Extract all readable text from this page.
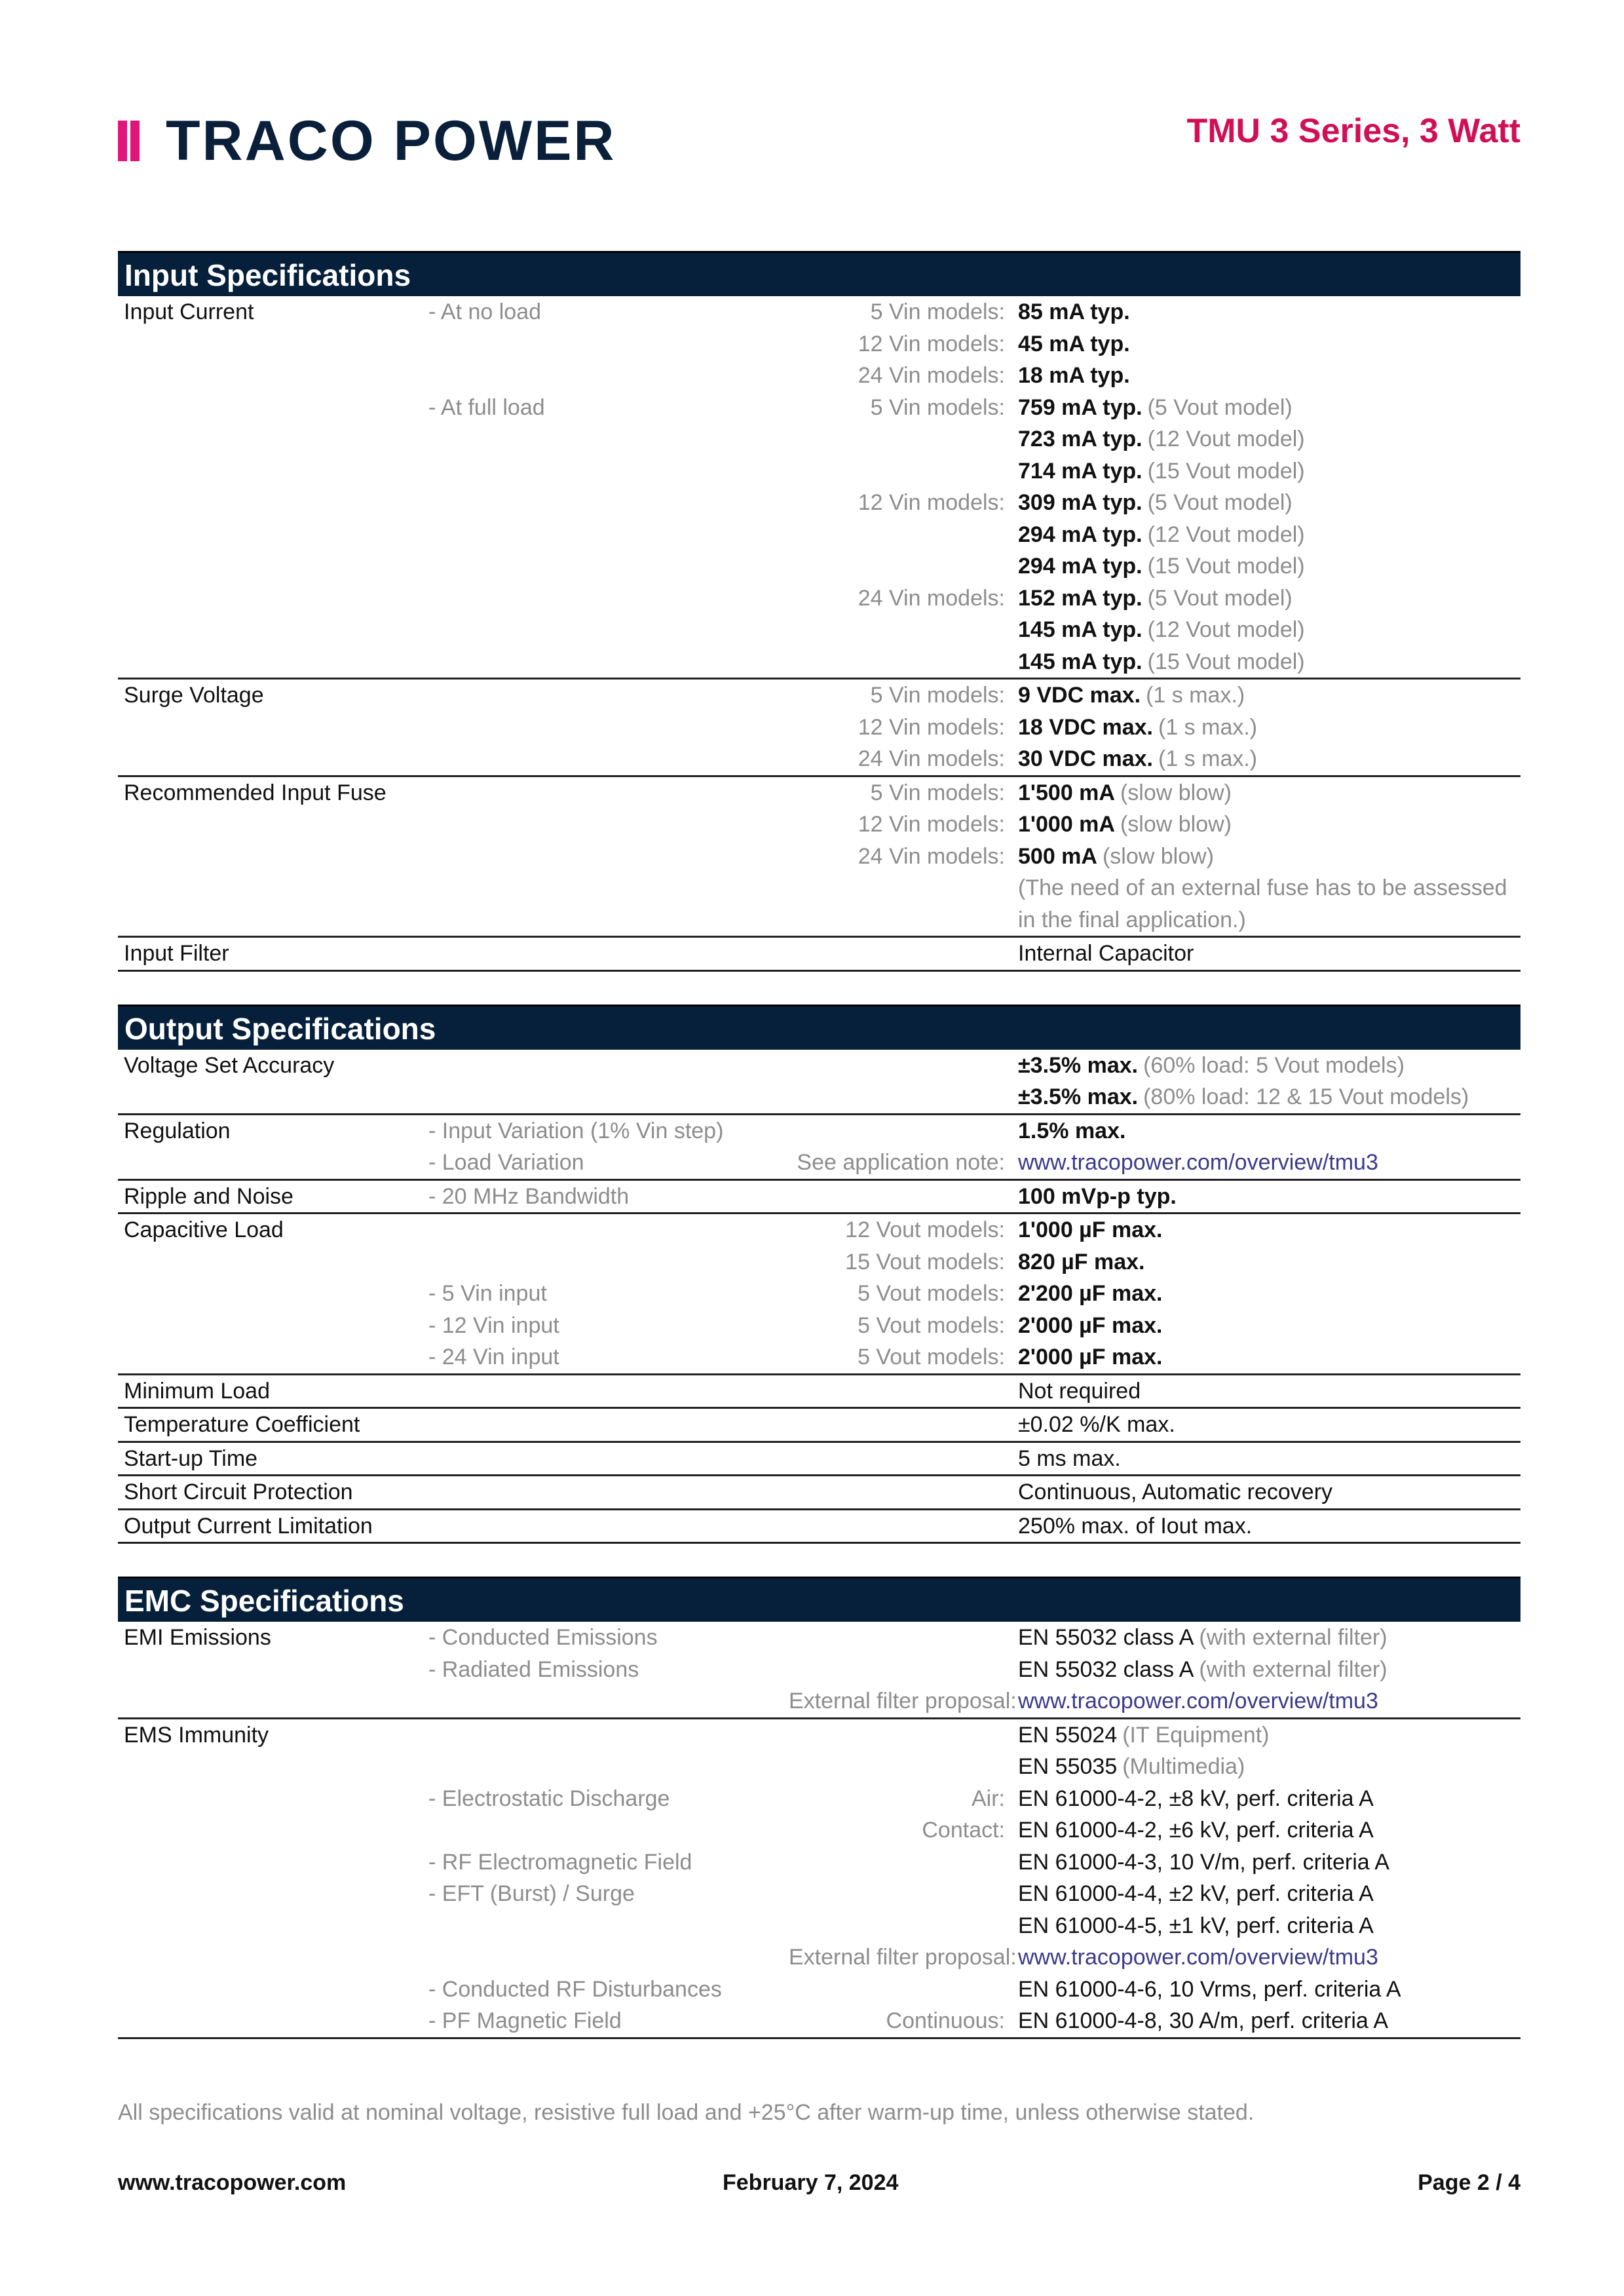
TRACO POWER	TMU 3 Series, 3 Watt
Input Specifications
Input Current	- At no load	5 Vin models: 85 mA typ.
12 Vin models: 45 mA typ.
24 Vin models: 18 mA typ.
- At full load	5 Vin models: 759 mA typ. (5 Vout model)
723 mA typ. (12 Vout model)
714 mA typ. (15 Vout model)
12 Vin models: 309 mA typ. (5 Vout model)
294 mA typ. (12 Vout model)
294 mA typ. (15 Vout model)
24 Vin models: 152 mA typ. (5 Vout model)
145 mA typ. (12 Vout model)
145 mA typ. (15 Vout model)
Surge Voltage	5 Vin models: 9 VDC max. (1 s max.)
12 Vin models: 18 VDC max. (1 s max.)
24 Vin models: 30 VDC max. (1 s max.)
Recommended Input Fuse	5 Vin models: 1'500 mA (slow blow)
12 Vin models: 1'000 mA (slow blow)
24 Vin models: 500 mA (slow blow)
(The need of an external fuse has to be assessed
in the final application.)
Input Filter	Internal Capacitor
Output Specifications
Voltage Set Accuracy	±3.5% max. (60% load: 5 Vout models)
±3.5% max. (80% load: 12 & 15 Vout models)
Regulation	- Input Variation (1% Vin step)	1.5% max.
- Load Variation	See application note: www.tracopower.com/overview/tmu3
Ripple and Noise	- 20 MHz Bandwidth	100 mVp-p typ.
Capacitive Load	12 Vout models: 1'000 µF max.
15 Vout models: 820 µF max.
- 5 Vin input	5 Vout models: 2'200 µF max.
- 12 Vin input	5 Vout models: 2'000 µF max.
- 24 Vin input	5 Vout models: 2'000 µF max.
Minimum Load	Not required
Temperature Coefficient	±0.02 %/K max.
Start-up Time	5 ms max.
Short Circuit Protection	Continuous, Automatic recovery
Output Current Limitation	250% max. of Iout max.
EMC Specifications
EMI Emissions	- Conducted Emissions	EN 55032 class A (with external filter)
- Radiated Emissions	EN 55032 class A (with external filter)
External filter proposal: www.tracopower.com/overview/tmu3
EMS Immunity	EN 55024 (IT Equipment)
EN 55035 (Multimedia)
- Electrostatic Discharge	Air: EN 61000-4-2, ±8 kV, perf. criteria A
Contact: EN 61000-4-2, ±6 kV, perf. criteria A
- RF Electromagnetic Field	EN 61000-4-3, 10 V/m, perf. criteria A
- EFT (Burst) / Surge	EN 61000-4-4, ±2 kV, perf. criteria A
EN 61000-4-5, ±1 kV, perf. criteria A
External filter proposal: www.tracopower.com/overview/tmu3
- Conducted RF Disturbances	EN 61000-4-6, 10 Vrms, perf. criteria A
- PF Magnetic Field	Continuous: EN 61000-4-8, 30 A/m, perf. criteria A
All specifications valid at nominal voltage, resistive full load and +25°C after warm-up time, unless otherwise stated.
www.tracopower.com	February 7, 2024	Page 2 / 4
